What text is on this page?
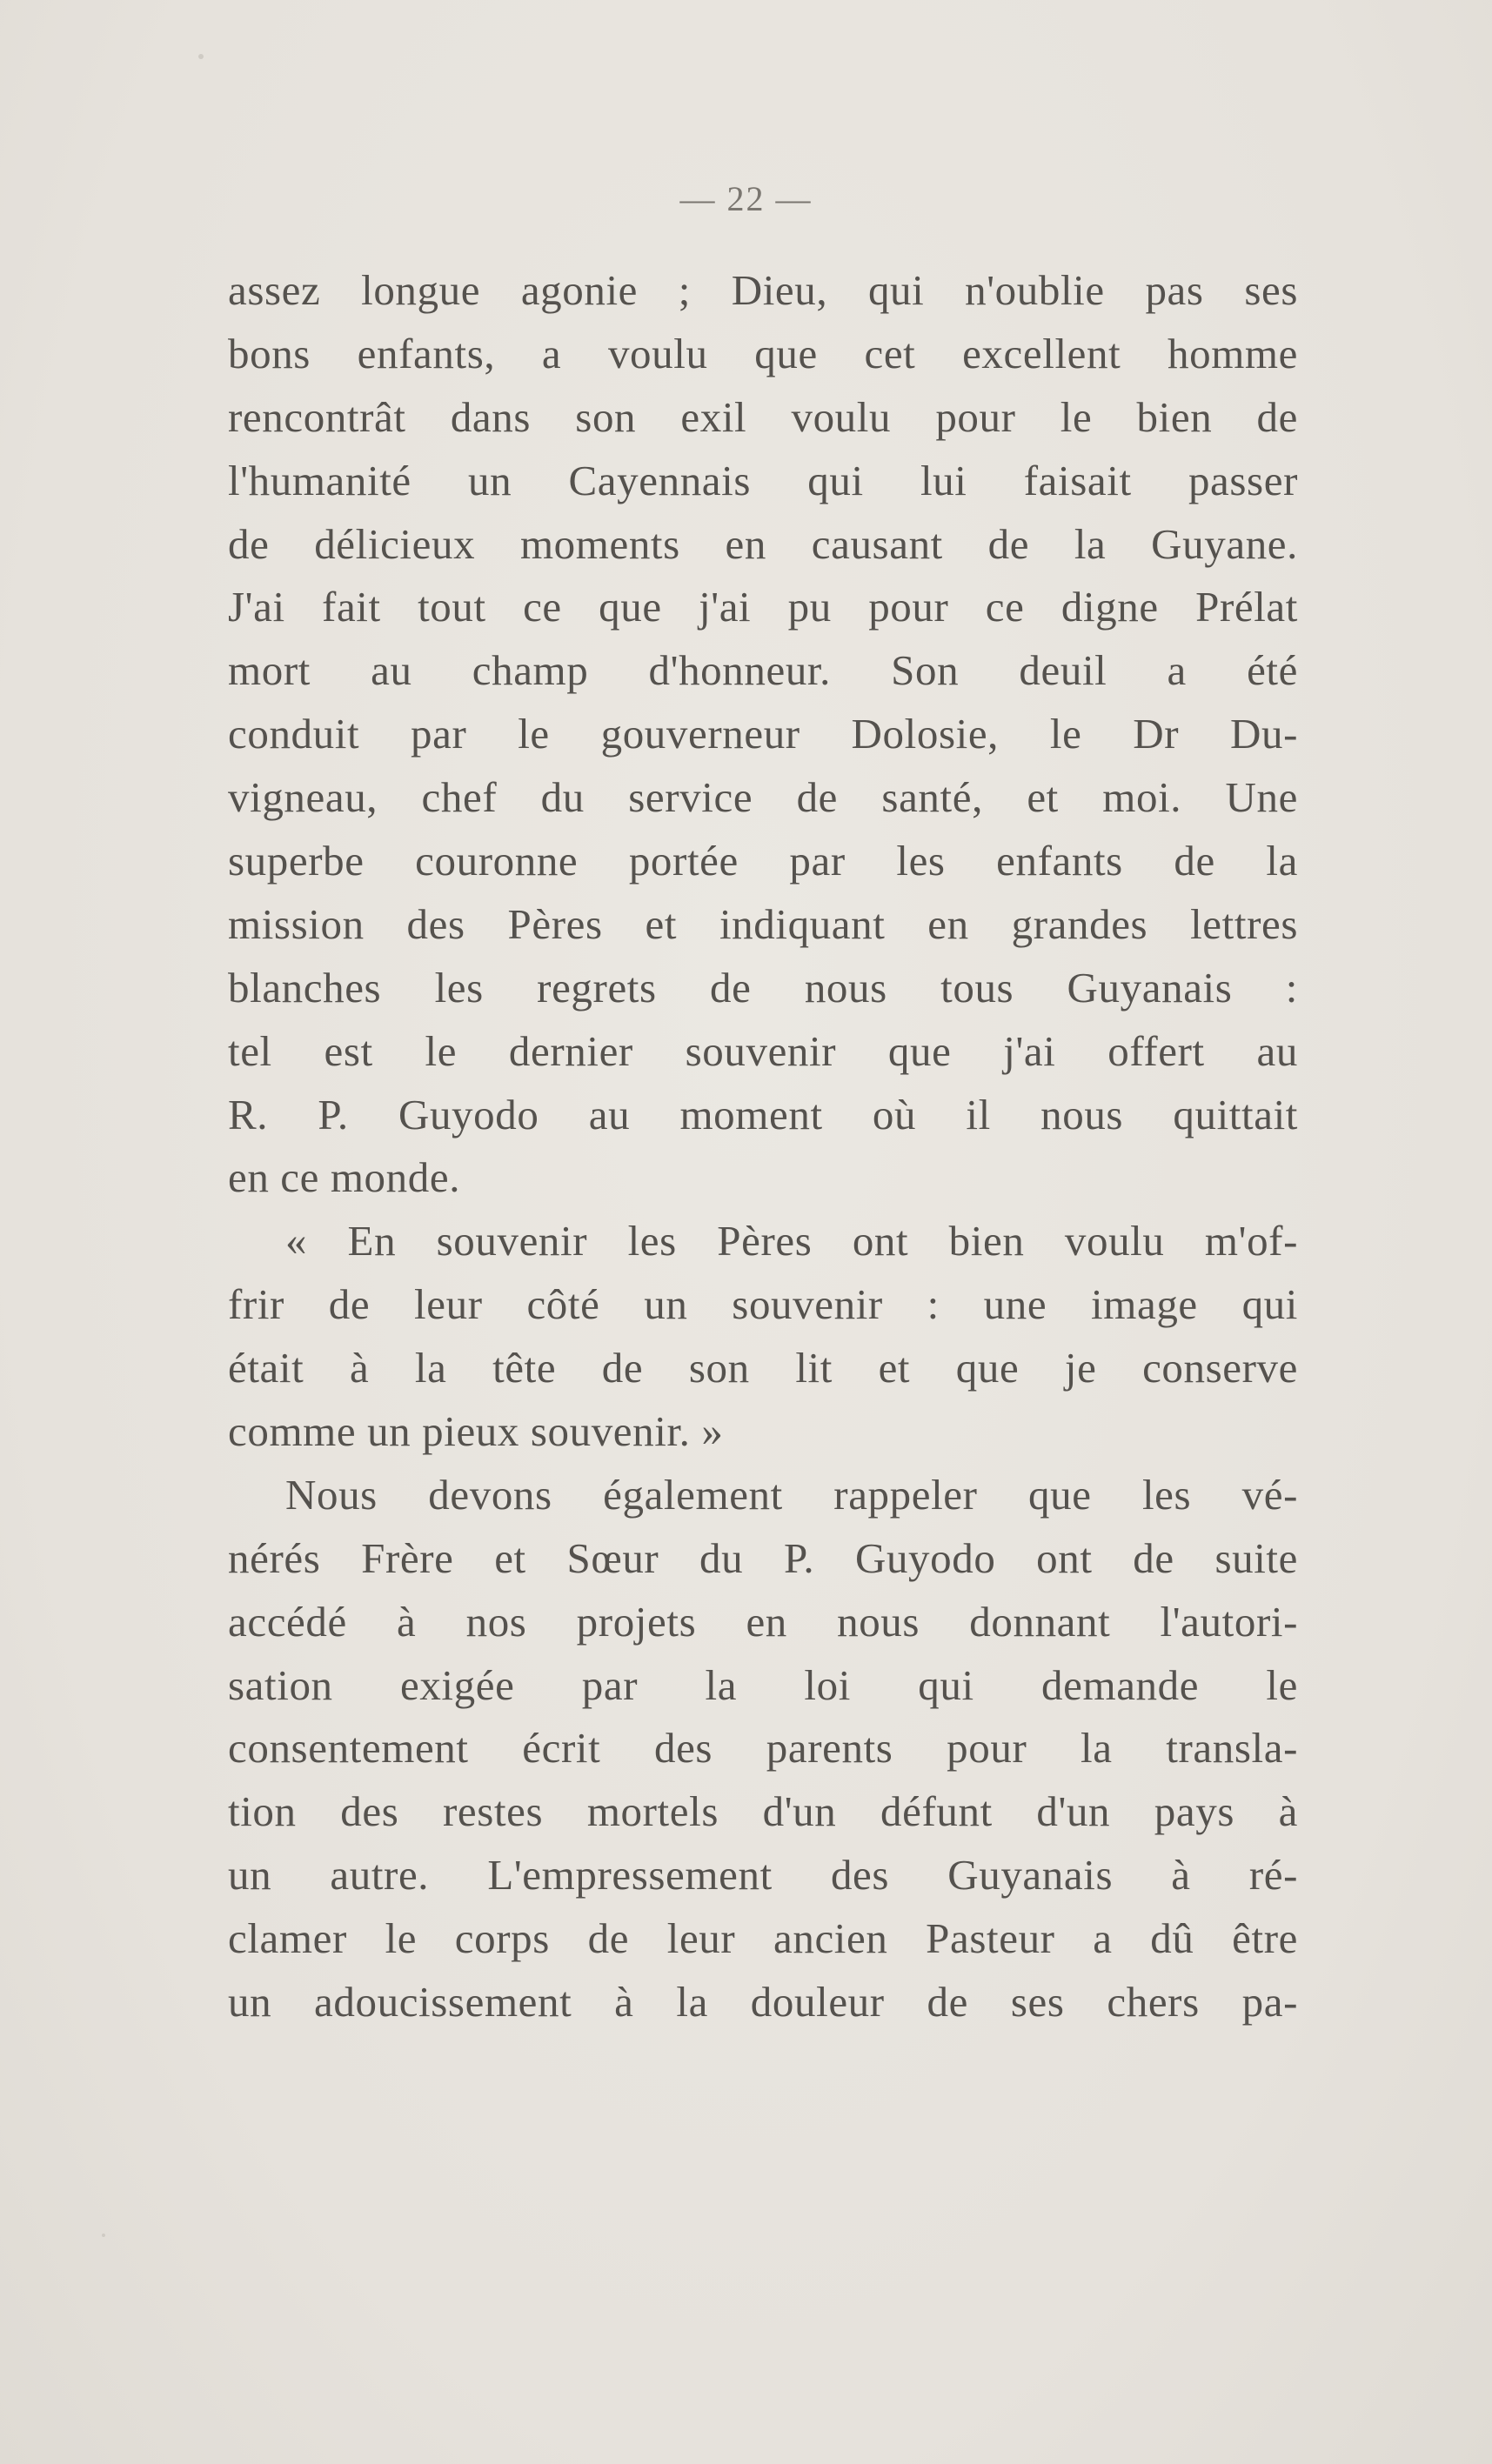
— 22 —
assez longue agonie ; Dieu, qui n'oublie pas ses
bons enfants, a voulu que cet excellent homme
rencontrât dans son exil voulu pour le bien de
l'humanité un Cayennais qui lui faisait passer
de délicieux moments en causant de la Guyane.
J'ai fait tout ce que j'ai pu pour ce digne Prélat
mort au champ d'honneur. Son deuil a été
conduit par le gouverneur Dolosie, le Dr Du-
vigneau, chef du service de santé, et moi. Une
superbe couronne portée par les enfants de la
mission des Pères et indiquant en grandes lettres
blanches les regrets de nous tous Guyanais :
tel est le dernier souvenir que j'ai offert au
R. P. Guyodo au moment où il nous quittait
en ce monde.
« En souvenir les Pères ont bien voulu m'of-
frir de leur côté un souvenir : une image qui
était à la tête de son lit et que je conserve
comme un pieux souvenir. »
Nous devons également rappeler que les vé-
nérés Frère et Sœur du P. Guyodo ont de suite
accédé à nos projets en nous donnant l'autori-
sation exigée par la loi qui demande le
consentement écrit des parents pour la transla-
tion des restes mortels d'un défunt d'un pays à
un autre. L'empressement des Guyanais à ré-
clamer le corps de leur ancien Pasteur a dû être
un adoucissement à la douleur de ses chers pa-
